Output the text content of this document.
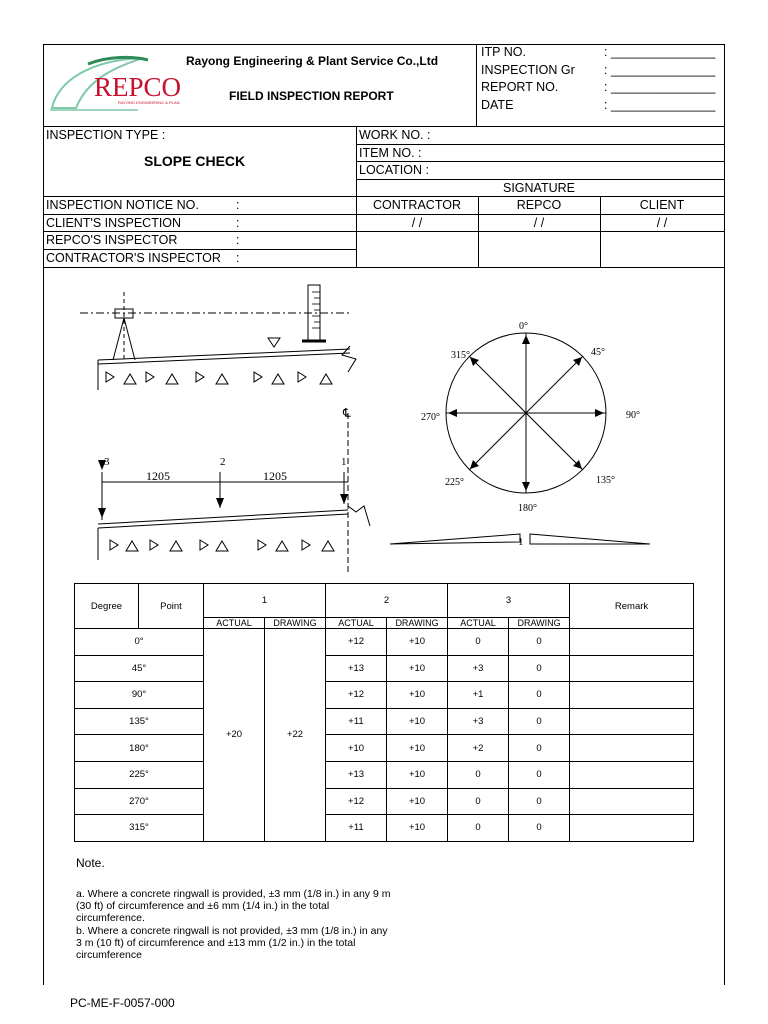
REPCO
RAYONG ENGINEERING & PLAN
Rayong Engineering & Plant Service Co.,Ltd
FIELD INSPECTION REPORT
ITP NO.	: _______________
INSPECTION Gr : _______________
REPORT NO.	: _______________
DATE	: _______________
INSPECTION TYPE :
SLOPE CHECK
WORK NO. :
ITEM NO. :
LOCATION :
SIGNATURE
INSPECTION NOTICE NO.	:
CLIENT'S INSPECTION	:
REPCO'S INSPECTOR	:
CONTRACTOR'S INSPECTOR :
CONTRACTOR	REPCO	CLIENT
/ /	/ /	/ /
3	2	1
1205	1205
℄
1
0°
45°
90°
135°
180°
225°
270°
315°
Degree	Point	1		2		3		Remark
		ACTUAL	DRAWING	ACTUAL	DRAWING	ACTUAL	DRAWING	
0°		+20	+22	+12	+10	0	0	
45°				+13	+10	+3	0	
90°				+12	+10	+1	0	
135°				+11	+10	+3	0	
180°				+10	+10	+2	0	
225°				+13	+10	0	0	
270°				+12	+10	0	0	
315°				+11	+10	0	0	
Note.
a. Where a concrete ringwall is provided, ±3 mm (1/8 in.) in any 9 m (30 ft) of circumference and ±6 mm (1/4 in.) in the total circumference.
b. Where a concrete ringwall is not provided, ±3 mm (1/8 in.) in any 3 m (10 ft) of circumference and ±13 mm (1/2 in.) in the total circumference
PC-ME-F-0057-000
